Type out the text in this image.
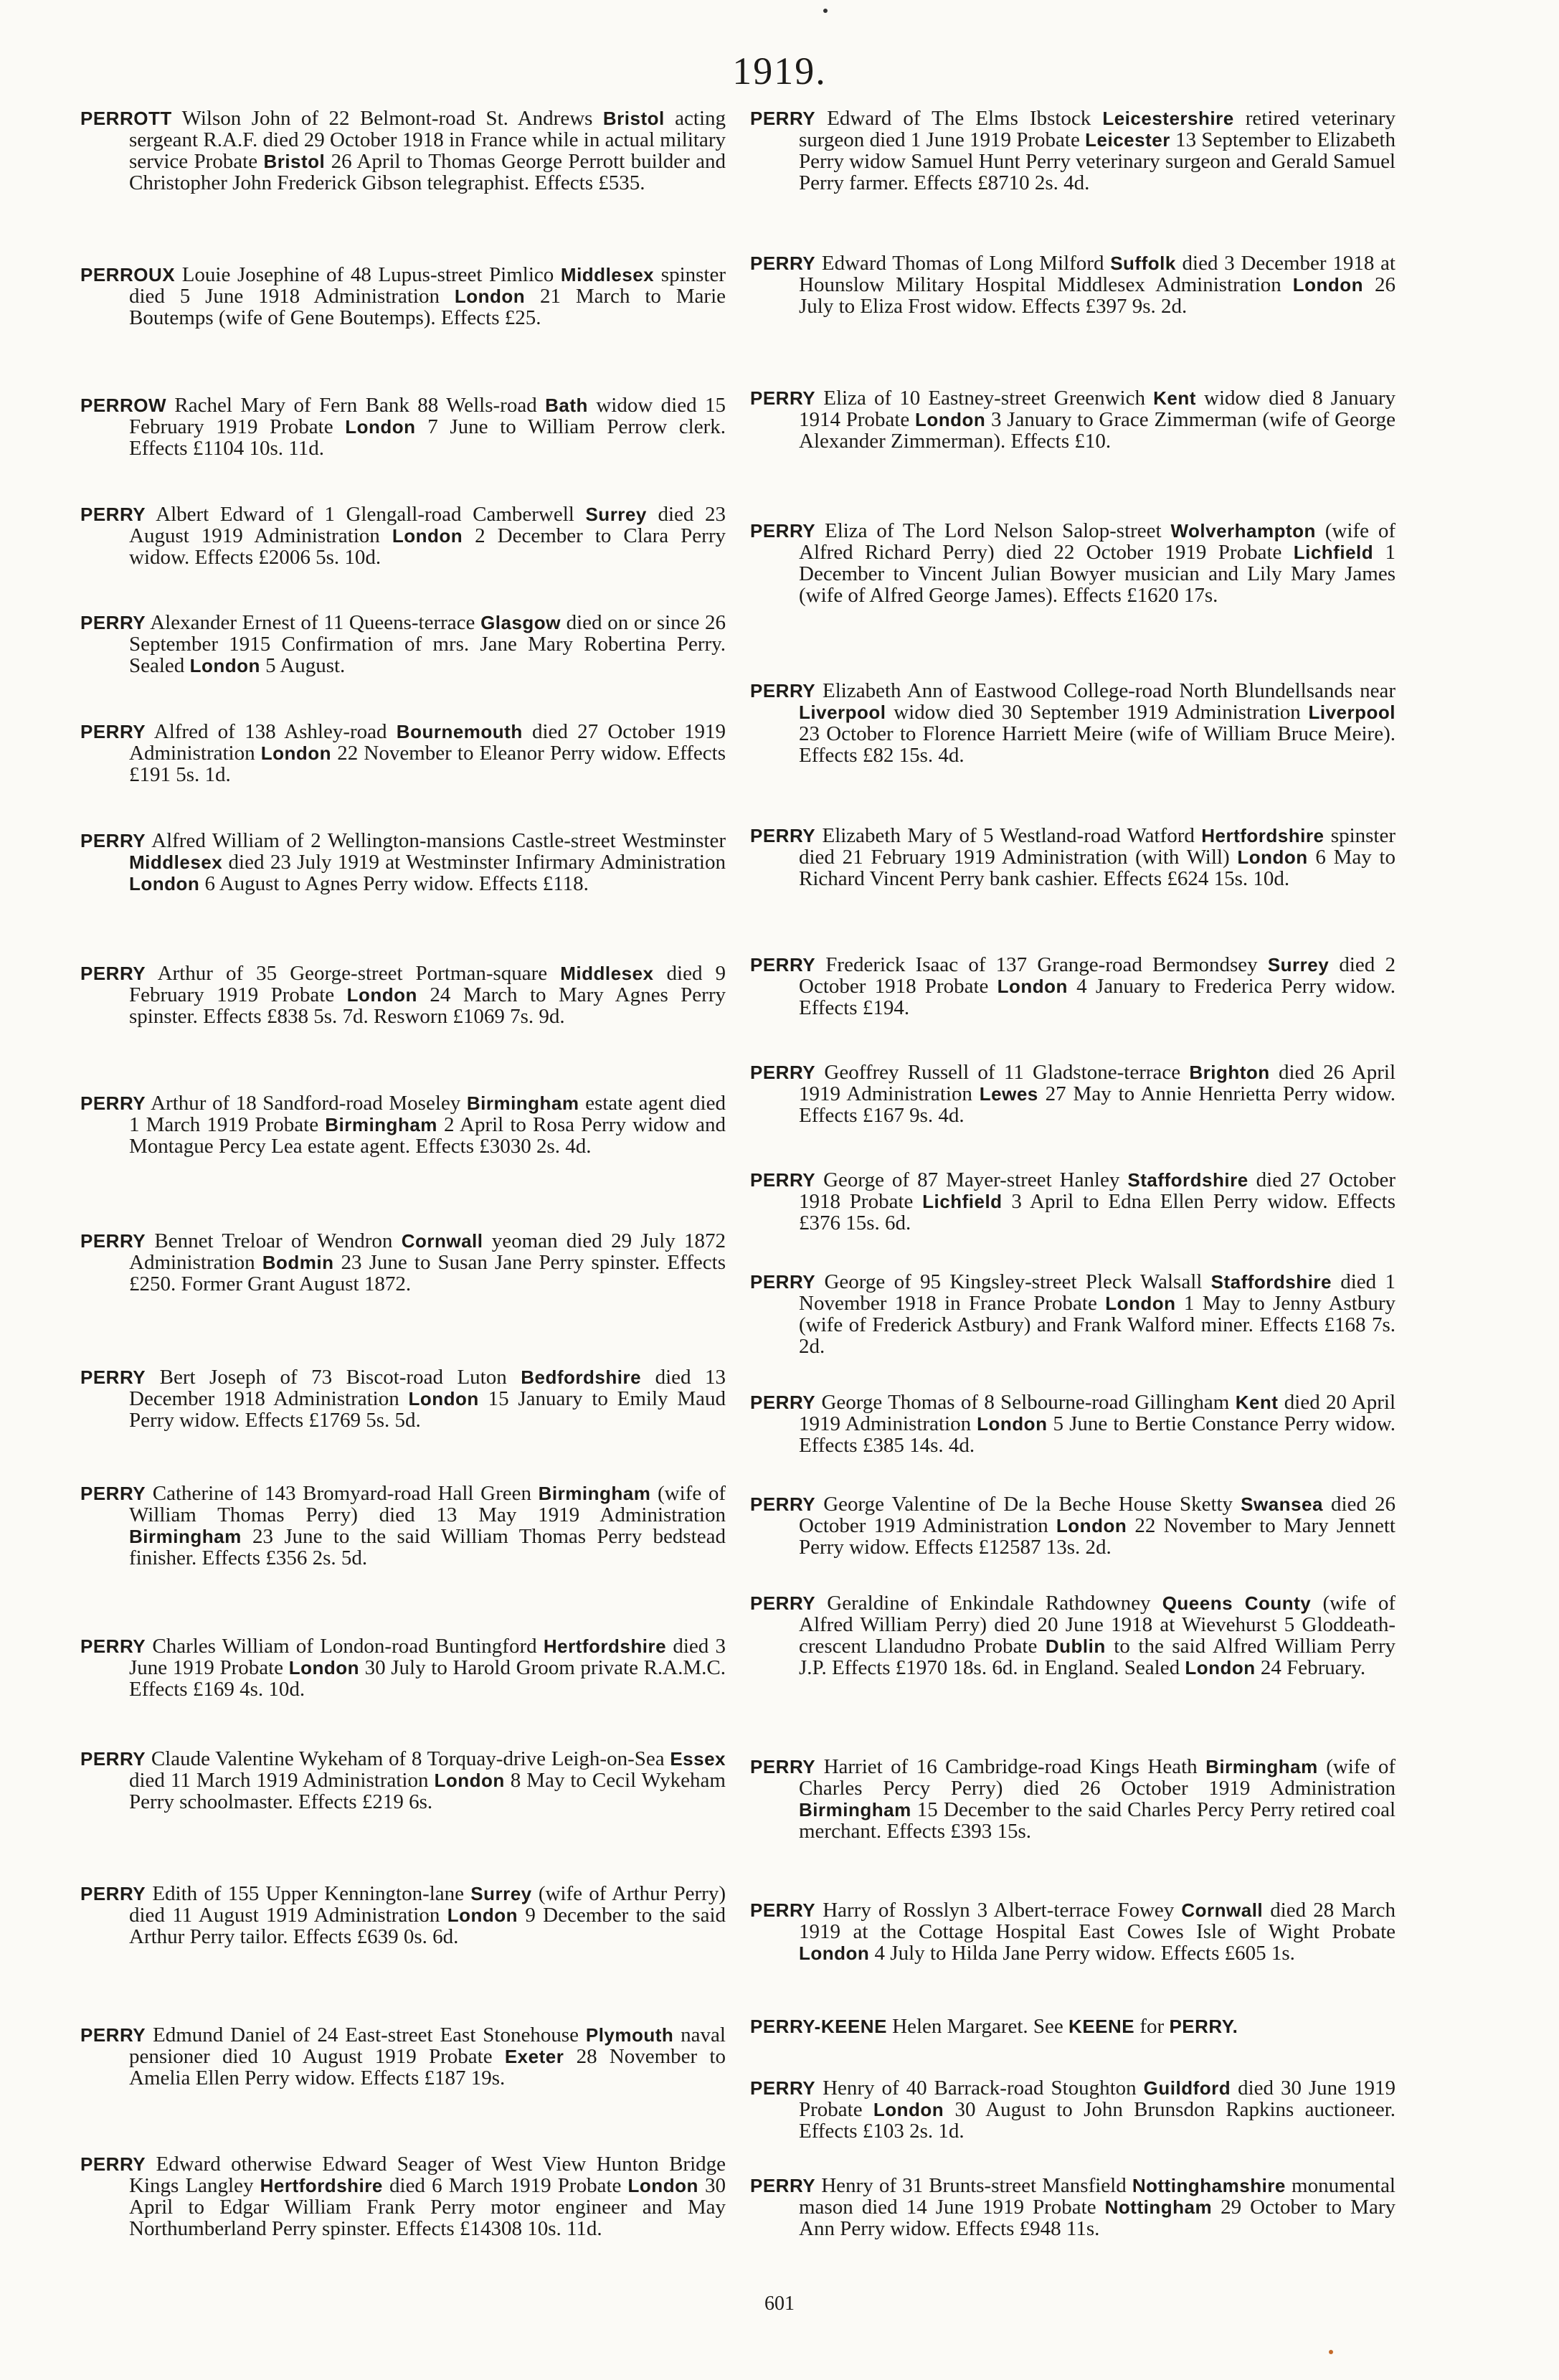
1919.
PERROTT Wilson John of 22 Belmont-road St. Andrews Bristol acting sergeant R.A.F. died 29 October 1918 in France while in actual military service Probate Bristol 26 April to Thomas George Perrott builder and Christopher John Frederick Gibson telegraphist. Effects £535.
PERROUX Louie Josephine of 48 Lupus-street Pimlico Middlesex spinster died 5 June 1918 Administration London 21 March to Marie Boutemps (wife of Gene Boutemps). Effects £25.
PERROW Rachel Mary of Fern Bank 88 Wells-road Bath widow died 15 February 1919 Probate London 7 June to William Perrow clerk. Effects £1104 10s. 11d.
PERRY Albert Edward of 1 Glengall-road Camberwell Surrey died 23 August 1919 Administration London 2 December to Clara Perry widow. Effects £2006 5s. 10d.
PERRY Alexander Ernest of 11 Queens-terrace Glasgow died on or since 26 September 1915 Confirmation of mrs. Jane Mary Robertina Perry. Sealed London 5 August.
PERRY Alfred of 138 Ashley-road Bournemouth died 27 October 1919 Administration London 22 November to Eleanor Perry widow. Effects £191 5s. 1d.
PERRY Alfred William of 2 Wellington-mansions Castle-street Westminster Middlesex died 23 July 1919 at Westminster Infirmary Administration London 6 August to Agnes Perry widow. Effects £118.
PERRY Arthur of 35 George-street Portman-square Middlesex died 9 February 1919 Probate London 24 March to Mary Agnes Perry spinster. Effects £838 5s. 7d. Resworn £1069 7s. 9d.
PERRY Arthur of 18 Sandford-road Moseley Birmingham estate agent died 1 March 1919 Probate Birmingham 2 April to Rosa Perry widow and Montague Percy Lea estate agent. Effects £3030 2s. 4d.
PERRY Bennet Treloar of Wendron Cornwall yeoman died 29 July 1872 Administration Bodmin 23 June to Susan Jane Perry spinster. Effects £250. Former Grant August 1872.
PERRY Bert Joseph of 73 Biscot-road Luton Bedfordshire died 13 December 1918 Administration London 15 January to Emily Maud Perry widow. Effects £1769 5s. 5d.
PERRY Catherine of 143 Bromyard-road Hall Green Birmingham (wife of William Thomas Perry) died 13 May 1919 Administration Birmingham 23 June to the said William Thomas Perry bedstead finisher. Effects £356 2s. 5d.
PERRY Charles William of London-road Buntingford Hertfordshire died 3 June 1919 Probate London 30 July to Harold Groom private R.A.M.C. Effects £169 4s. 10d.
PERRY Claude Valentine Wykeham of 8 Torquay-drive Leigh-on-Sea Essex died 11 March 1919 Administration London 8 May to Cecil Wykeham Perry schoolmaster. Effects £219 6s.
PERRY Edith of 155 Upper Kennington-lane Surrey (wife of Arthur Perry) died 11 August 1919 Administration London 9 December to the said Arthur Perry tailor. Effects £639 0s. 6d.
PERRY Edmund Daniel of 24 East-street East Stonehouse Plymouth naval pensioner died 10 August 1919 Probate Exeter 28 November to Amelia Ellen Perry widow. Effects £187 19s.
PERRY Edward otherwise Edward Seager of West View Hunton Bridge Kings Langley Hertfordshire died 6 March 1919 Probate London 30 April to Edgar William Frank Perry motor engineer and May Northumberland Perry spinster. Effects £14308 10s. 11d.
PERRY Edward of The Elms Ibstock Leicestershire retired veterinary surgeon died 1 June 1919 Probate Leicester 13 September to Elizabeth Perry widow Samuel Hunt Perry veterinary surgeon and Gerald Samuel Perry farmer. Effects £8710 2s. 4d.
PERRY Edward Thomas of Long Milford Suffolk died 3 December 1918 at Hounslow Military Hospital Middlesex Administration London 26 July to Eliza Frost widow. Effects £397 9s. 2d.
PERRY Eliza of 10 Eastney-street Greenwich Kent widow died 8 January 1914 Probate London 3 January to Grace Zimmerman (wife of George Alexander Zimmerman). Effects £10.
PERRY Eliza of The Lord Nelson Salop-street Wolverhampton (wife of Alfred Richard Perry) died 22 October 1919 Probate Lichfield 1 December to Vincent Julian Bowyer musician and Lily Mary James (wife of Alfred George James). Effects £1620 17s.
PERRY Elizabeth Ann of Eastwood College-road North Blundellsands near Liverpool widow died 30 September 1919 Administration Liverpool 23 October to Florence Harriett Meire (wife of William Bruce Meire). Effects £82 15s. 4d.
PERRY Elizabeth Mary of 5 Westland-road Watford Hertfordshire spinster died 21 February 1919 Administration (with Will) London 6 May to Richard Vincent Perry bank cashier. Effects £624 15s. 10d.
PERRY Frederick Isaac of 137 Grange-road Bermondsey Surrey died 2 October 1918 Probate London 4 January to Frederica Perry widow. Effects £194.
PERRY Geoffrey Russell of 11 Gladstone-terrace Brighton died 26 April 1919 Administration Lewes 27 May to Annie Henrietta Perry widow. Effects £167 9s. 4d.
PERRY George of 87 Mayer-street Hanley Staffordshire died 27 October 1918 Probate Lichfield 3 April to Edna Ellen Perry widow. Effects £376 15s. 6d.
PERRY George of 95 Kingsley-street Pleck Walsall Staffordshire died 1 November 1918 in France Probate London 1 May to Jenny Astbury (wife of Frederick Astbury) and Frank Walford miner. Effects £168 7s. 2d.
PERRY George Thomas of 8 Selbourne-road Gillingham Kent died 20 April 1919 Administration London 5 June to Bertie Constance Perry widow. Effects £385 14s. 4d.
PERRY George Valentine of De la Beche House Sketty Swansea died 26 October 1919 Administration London 22 November to Mary Jennett Perry widow. Effects £12587 13s. 2d.
PERRY Geraldine of Enkindale Rathdowney Queens County (wife of Alfred William Perry) died 20 June 1918 at Wievehurst 5 Gloddeath-crescent Llandudno Probate Dublin to the said Alfred William Perry J.P. Effects £1970 18s. 6d. in England. Sealed London 24 February.
PERRY Harriet of 16 Cambridge-road Kings Heath Birmingham (wife of Charles Percy Perry) died 26 October 1919 Administration Birmingham 15 December to the said Charles Percy Perry retired coal merchant. Effects £393 15s.
PERRY Harry of Rosslyn 3 Albert-terrace Fowey Cornwall died 28 March 1919 at the Cottage Hospital East Cowes Isle of Wight Probate London 4 July to Hilda Jane Perry widow. Effects £605 1s.
PERRY-KEENE Helen Margaret. See KEENE for PERRY.
PERRY Henry of 40 Barrack-road Stoughton Guildford died 30 June 1919 Probate London 30 August to John Brunsdon Rapkins auctioneer. Effects £103 2s. 1d.
PERRY Henry of 31 Brunts-street Mansfield Nottinghamshire monumental mason died 14 June 1919 Probate Nottingham 29 October to Mary Ann Perry widow. Effects £948 11s.
601
